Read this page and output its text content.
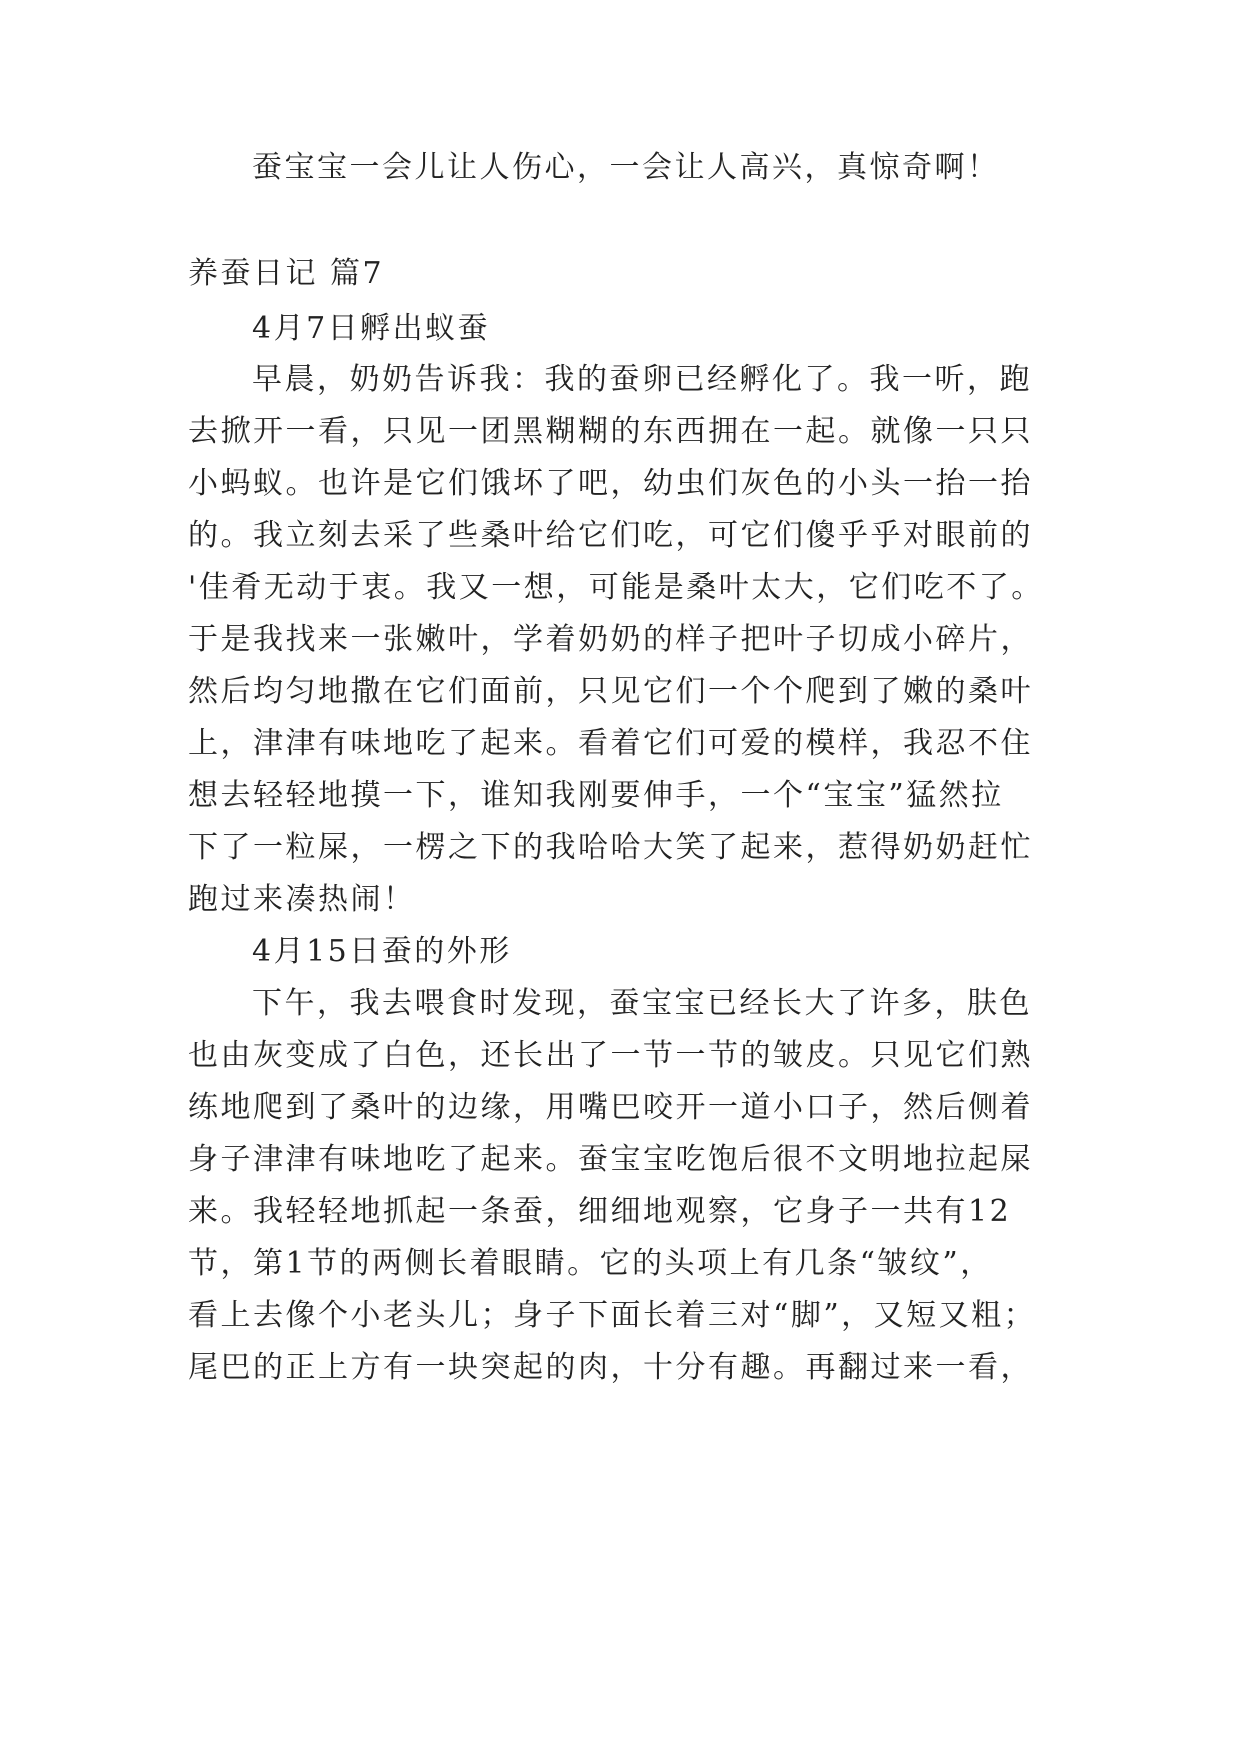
蚕宝宝一会儿让人伤心，一会让人高兴，真惊奇啊！
养蚕日记 篇7
4月7日孵出蚁蚕
早晨，奶奶告诉我：我的蚕卵已经孵化了。我一听，跑
去掀开一看，只见一团黑糊糊的东西拥在一起。就像一只只
小蚂蚁。也许是它们饿坏了吧，幼虫们灰色的小头一抬一抬
的。我立刻去采了些桑叶给它们吃，可它们傻乎乎对眼前的
'佳肴无动于衷。我又一想，可能是桑叶太大，它们吃不了。
于是我找来一张嫩叶，学着奶奶的样子把叶子切成小碎片，
然后均匀地撒在它们面前，只见它们一个个爬到了嫩的桑叶
上，津津有味地吃了起来。看着它们可爱的模样，我忍不住
想去轻轻地摸一下，谁知我刚要伸手，一个“宝宝”猛然拉
下了一粒屎，一楞之下的我哈哈大笑了起来，惹得奶奶赶忙
跑过来凑热闹！
4月15日蚕的外形
下午，我去喂食时发现，蚕宝宝已经长大了许多，肤色
也由灰变成了白色，还长出了一节一节的皱皮。只见它们熟
练地爬到了桑叶的边缘，用嘴巴咬开一道小口子，然后侧着
身子津津有味地吃了起来。蚕宝宝吃饱后很不文明地拉起屎
来。我轻轻地抓起一条蚕，细细地观察，它身子一共有12
节，第1节的两侧长着眼睛。它的头项上有几条“皱纹”，
看上去像个小老头儿；身子下面长着三对“脚”，又短又粗；
尾巴的正上方有一块突起的肉，十分有趣。再翻过来一看，
